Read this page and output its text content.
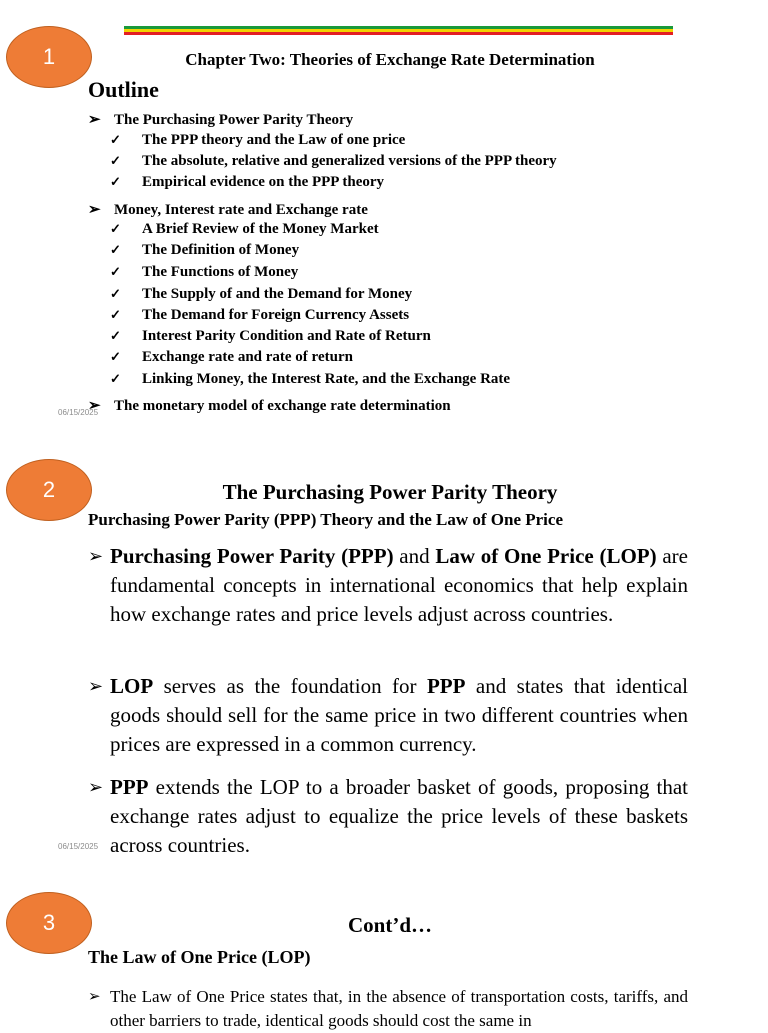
1	Chapter Two: Theories of Exchange Rate Determination
Outline
➢ The Purchasing Power Parity Theory
✓ The PPP theory and the Law of one price
✓ The absolute, relative and generalized versions of the PPP theory
✓ Empirical evidence on the PPP theory
➢ Money, Interest rate and Exchange rate
✓ A Brief Review of the Money Market
✓ The Definition of Money
✓ The Functions of Money
✓ The Supply of and the Demand for Money
✓ The Demand for Foreign Currency Assets
✓ Interest Parity Condition and Rate of Return
✓ Exchange rate and rate of return
✓ Linking Money, the Interest Rate, and the Exchange Rate
➢ The monetary model of exchange rate determination
06/15/2025
2	The Purchasing Power Parity Theory
Purchasing Power Parity (PPP) Theory and the Law of One Price
➢ Purchasing Power Parity (PPP) and Law of One Price (LOP) are fundamental concepts in international economics that help explain how exchange rates and price levels adjust across countries.
➢ LOP serves as the foundation for PPP and states that identical goods should sell for the same price in two different countries when prices are expressed in a common currency.
➢ PPP extends the LOP to a broader basket of goods, proposing that exchange rates adjust to equalize the price levels of these baskets across countries.
06/15/2025
3	Cont’d…
The Law of One Price (LOP)
➢ The Law of One Price states that, in the absence of transportation costs, tariffs, and other barriers to trade, identical goods should cost the same in
